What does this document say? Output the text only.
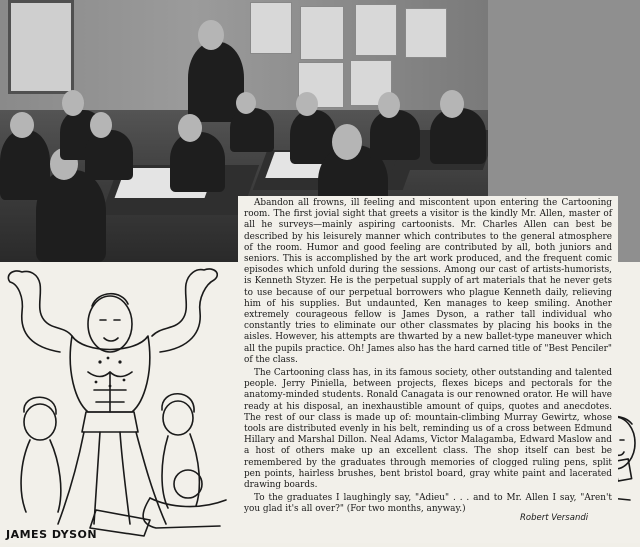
JAMES DYSON

Abandon all frowns, ill feeling and miscontent upon entering the Cartooning room. The first jovial sight that greets a visitor is the kindly Mr. Allen, master of all he surveys—mainly aspiring cartoonists. Mr. Charles Allen can best be described by his leisurely manner which contributes to the general atmosphere of the room. Humor and good feeling are contributed by all, both juniors and seniors. This is accomplished by the art work produced, and the frequent comic episodes which unfold during the sessions. Among our cast of artists-humorists, is Kenneth Styzer. He is the perpetual supply of art materials that he never gets to use because of our perpetual borrowers who plague Kenneth daily, relieving him of his supplies. But undaunted, Ken manages to keep smiling. Another extremely courageous fellow is James Dyson, a rather tall individual who constantly tries to eliminate our other classmates by placing his books in the aisles. However, his attempts are thwarted by a new ballet-type maneuver which all the pupils practice. Oh! James also has the hard carned title of "Best Penciler" of the class.

The Cartooning class has, in its famous society, other outstanding and talented people. Jerry Piniella, between projects, flexes biceps and pectorals for the anatomy-minded students. Ronald Canagata is our renowned orator. He will have ready at his disposal, an inexhaustible amount of quips, quotes and anecdotes. The rest of our class is made up of: mountain-climbing Murray Gewirtz, whose tools are distributed evenly in his belt, reminding us of a cross between Edmund Hillary and Marshal Dillon. Neal Adams, Victor Malagamba, Edward Maslow and a host of others make up an excellent class. The shop itself can best be remembered by the graduates through memories of clogged ruling pens, split pen points, hairless brushes, bent bristol board, gray white paint and lacerated drawing boards.

To the graduates I laughingly say, "Adieu" . . . and to Mr. Allen I say, "Aren't you glad it's all over?" (For two months, anyway.)

Robert Versandi
